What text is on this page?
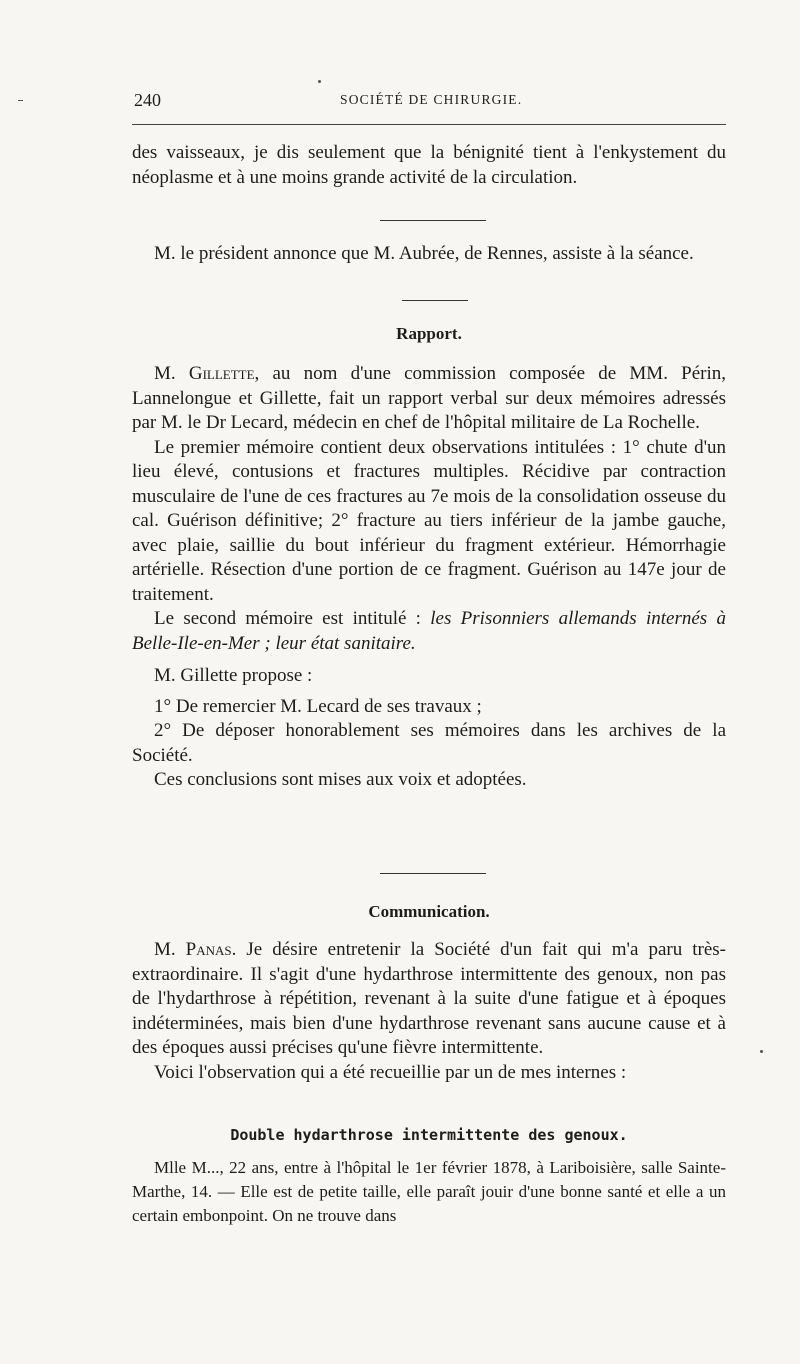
240	SOCIÉTÉ DE CHIRURGIE.

des vaisseaux, je dis seulement que la bénignité tient à l'enkystement du néoplasme et à une moins grande activité de la circulation.

M. le président annonce que M. Aubrée, de Rennes, assiste à la séance.

Rapport.

M. Gillette, au nom d'une commission composée de MM. Périn, Lannelongue et Gillette, fait un rapport verbal sur deux mémoires adressés par M. le Dr Lecard, médecin en chef de l'hôpital militaire de La Rochelle.

Le premier mémoire contient deux observations intitulées : 1° chute d'un lieu élevé, contusions et fractures multiples. Récidive par contraction musculaire de l'une de ces fractures au 7e mois de la consolidation osseuse du cal. Guérison définitive; 2° fracture au tiers inférieur de la jambe gauche, avec plaie, saillie du bout inférieur du fragment extérieur. Hémorrhagie artérielle. Résection d'une portion de ce fragment. Guérison au 147e jour de traitement.

Le second mémoire est intitulé : les Prisonniers allemands internés à Belle-Ile-en-Mer ; leur état sanitaire.

M. Gillette propose :

1° De remercier M. Lecard de ses travaux ;

2° De déposer honorablement ses mémoires dans les archives de la Société.

Ces conclusions sont mises aux voix et adoptées.

Communication.

M. Panas. Je désire entretenir la Société d'un fait qui m'a paru très-extraordinaire. Il s'agit d'une hydarthrose intermittente des genoux, non pas de l'hydarthrose à répétition, revenant à la suite d'une fatigue et à époques indéterminées, mais bien d'une hydarthrose revenant sans aucune cause et à des époques aussi précises qu'une fièvre intermittente.

Voici l'observation qui a été recueillie par un de mes internes :

Double hydarthrose intermittente des genoux.

Mlle M..., 22 ans, entre à l'hôpital le 1er février 1878, à Lariboisière, salle Sainte-Marthe, 14. — Elle est de petite taille, elle paraît jouir d'une bonne santé et elle a un certain embonpoint. On ne trouve dans
